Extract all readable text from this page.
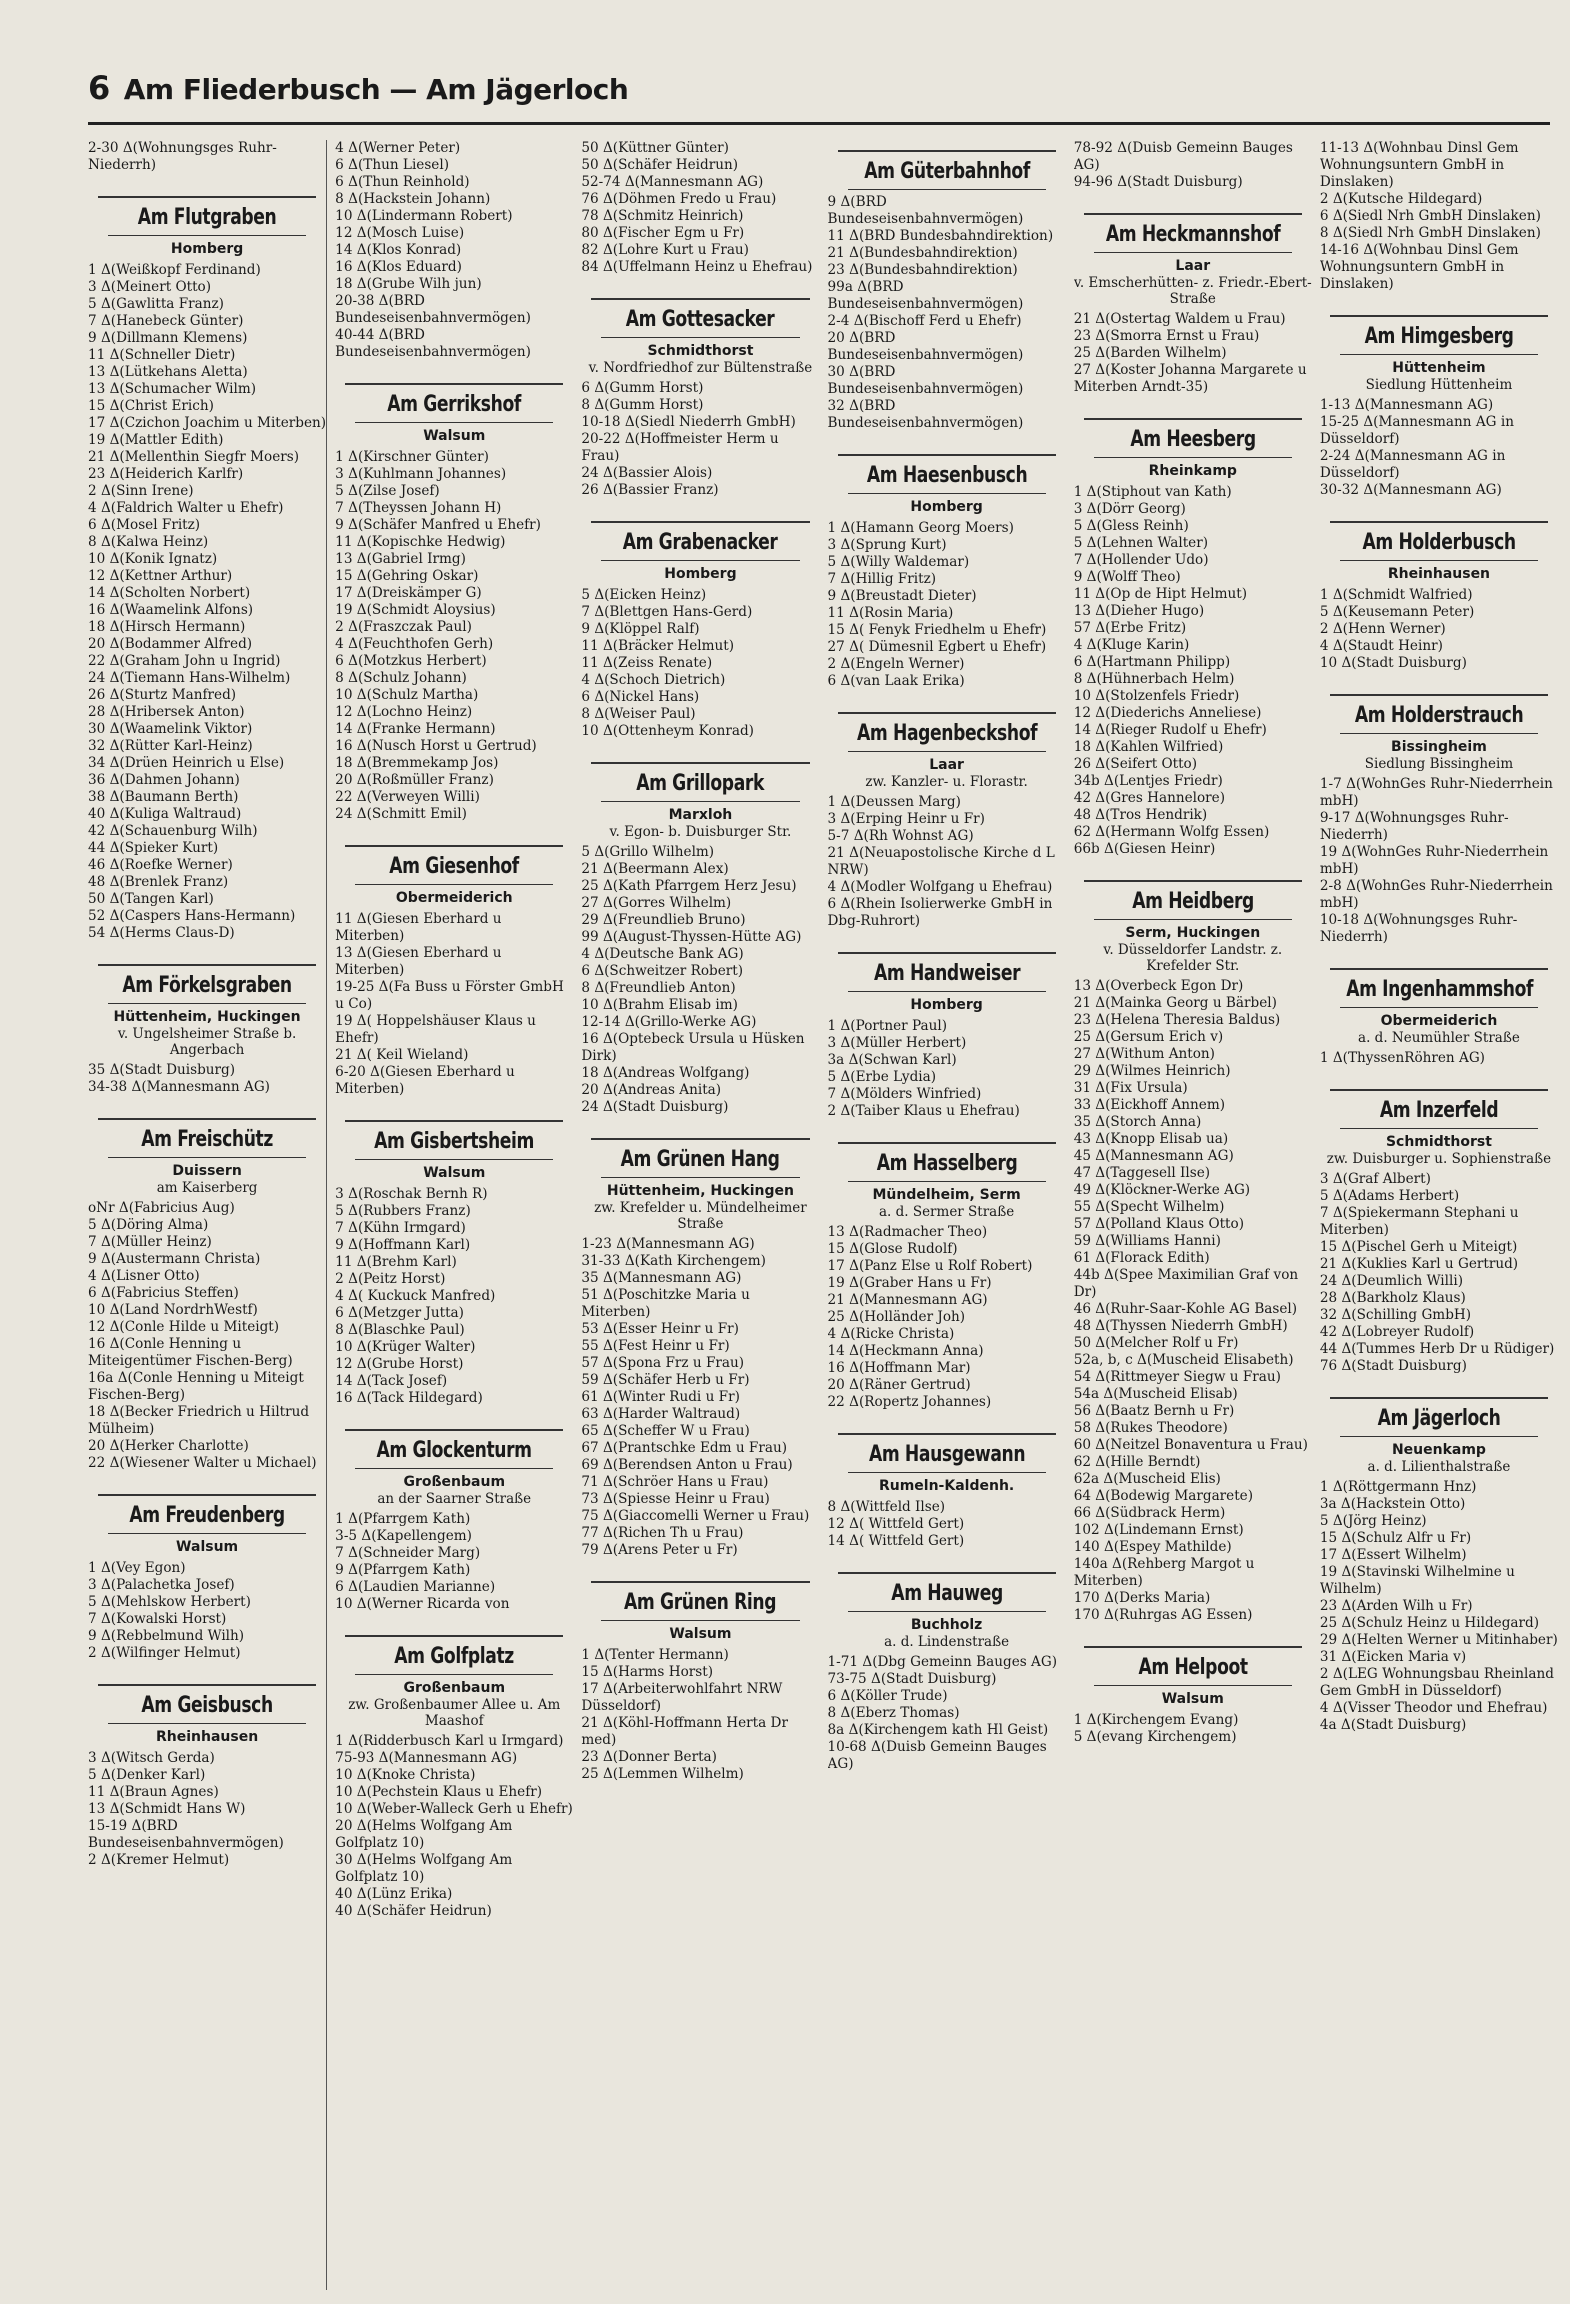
6 Am Fliederbusch — Am Jägerloch
2-30 Δ(Wohnungsges Ruhr-Niederrh)
Am Flutgraben
Homberg
1 Δ(Weißkopf Ferdinand)
3 Δ(Meinert Otto)
5 Δ(Gawlitta Franz)
7 Δ(Hanebeck Günter)
9 Δ(Dillmann Klemens)
11 Δ(Schneller Dietr)
13 Δ(Lütkehans Aletta)
13 Δ(Schumacher Wilm)
15 Δ(Christ Erich)
17 Δ(Czichon Joachim u Miterben)
19 Δ(Mattler Edith)
21 Δ(Mellenthin Siegfr Moers)
23 Δ(Heiderich Karlfr)
2 Δ(Sinn Irene)
4 Δ(Faldrich Walter u Ehefr)
6 Δ(Mosel Fritz)
8 Δ(Kalwa Heinz)
10 Δ(Konik Ignatz)
12 Δ(Kettner Arthur)
14 Δ(Scholten Norbert)
16 Δ(Waamelink Alfons)
18 Δ(Hirsch Hermann)
20 Δ(Bodammer Alfred)
22 Δ(Graham John u Ingrid)
24 Δ(Tiemann Hans-Wilhelm)
26 Δ(Sturtz Manfred)
28 Δ(Hribersek Anton)
30 Δ(Waamelink Viktor)
32 Δ(Rütter Karl-Heinz)
34 Δ(Drüen Heinrich u Else)
36 Δ(Dahmen Johann)
38 Δ(Baumann Berth)
40 Δ(Kuliga Waltraud)
42 Δ(Schauenburg Wilh)
44 Δ(Spieker Kurt)
46 Δ(Roefke Werner)
48 Δ(Brenlek Franz)
50 Δ(Tangen Karl)
52 Δ(Caspers Hans-Hermann)
54 Δ(Herms Claus-D)
Am Förkelsgraben
Hüttenheim, Huckingen
v. Ungelsheimer Straße b. Angerbach
35 Δ(Stadt Duisburg)
34-38 Δ(Mannesmann AG)
Am Freischütz
Duissern
am Kaiserberg
oNr Δ(Fabricius Aug)
5 Δ(Döring Alma)
7 Δ(Müller Heinz)
9 Δ(Austermann Christa)
4 Δ(Lisner Otto)
6 Δ(Fabricius Steffen)
10 Δ(Land NordrhWestf)
12 Δ(Conle Hilde u Miteigt)
16 Δ(Conle Henning u Miteigentümer Fischen-Berg)
16a Δ(Conle Henning u Miteigt Fischen-Berg)
18 Δ(Becker Friedrich u Hiltrud Mülheim)
20 Δ(Herker Charlotte)
22 Δ(Wiesener Walter u Michael)
Am Freudenberg
Walsum
1 Δ(Vey Egon)
3 Δ(Palachetka Josef)
5 Δ(Mehlskow Herbert)
7 Δ(Kowalski Horst)
9 Δ(Rebbelmund Wilh)
2 Δ(Wilfinger Helmut)
Am Geisbusch
Rheinhausen
3 Δ(Witsch Gerda)
5 Δ(Denker Karl)
11 Δ(Braun Agnes)
13 Δ(Schmidt Hans W)
15-19 Δ(BRD Bundeseisenbahnvermögen)
2 Δ(Kremer Helmut)
4 Δ(Werner Peter)
6 Δ(Thun Liesel)
6 Δ(Thun Reinhold)
8 Δ(Hackstein Johann)
10 Δ(Lindermann Robert)
12 Δ(Mosch Luise)
14 Δ(Klos Konrad)
16 Δ(Klos Eduard)
18 Δ(Grube Wilh jun)
20-38 Δ(BRD Bundeseisenbahnvermögen)
40-44 Δ(BRD Bundeseisenbahnvermögen)
Am Gerrikshof
Walsum
1 Δ(Kirschner Günter)
3 Δ(Kuhlmann Johannes)
5 Δ(Zilse Josef)
7 Δ(Theyssen Johann H)
9 Δ(Schäfer Manfred u Ehefr)
11 Δ(Kopischke Hedwig)
13 Δ(Gabriel Irmg)
15 Δ(Gehring Oskar)
17 Δ(Dreiskämper G)
19 Δ(Schmidt Aloysius)
2 Δ(Fraszczak Paul)
4 Δ(Feuchthofen Gerh)
6 Δ(Motzkus Herbert)
8 Δ(Schulz Johann)
10 Δ(Schulz Martha)
12 Δ(Lochno Heinz)
14 Δ(Franke Hermann)
16 Δ(Nusch Horst u Gertrud)
18 Δ(Bremmekamp Jos)
20 Δ(Roßmüller Franz)
22 Δ(Verweyen Willi)
24 Δ(Schmitt Emil)
Am Giesenhof
Obermeiderich
11 Δ(Giesen Eberhard u Miterben)
13 Δ(Giesen Eberhard u Miterben)
19-25 Δ(Fa Buss u Förster GmbH u Co)
19 Δ( Hoppelshäuser Klaus u Ehefr)
21 Δ( Keil Wieland)
6-20 Δ(Giesen Eberhard u Miterben)
Am Gisbertsheim
Walsum
3 Δ(Roschak Bernh R)
5 Δ(Rubbers Franz)
7 Δ(Kühn Irmgard)
9 Δ(Hoffmann Karl)
11 Δ(Brehm Karl)
2 Δ(Peitz Horst)
4 Δ( Kuckuck Manfred)
6 Δ(Metzger Jutta)
8 Δ(Blaschke Paul)
10 Δ(Krüger Walter)
12 Δ(Grube Horst)
14 Δ(Tack Josef)
16 Δ(Tack Hildegard)
Am Glockenturm
Großenbaum
an der Saarner Straße
1 Δ(Pfarrgem Kath)
3-5 Δ(Kapellengem)
7 Δ(Schneider Marg)
9 Δ(Pfarrgem Kath)
6 Δ(Laudien Marianne)
10 Δ(Werner Ricarda von
Am Golfplatz
Großenbaum
zw. Großenbaumer Allee u. Am Maashof
1 Δ(Ridderbusch Karl u Irmgard)
75-93 Δ(Mannesmann AG)
10 Δ(Knoke Christa)
10 Δ(Pechstein Klaus u Ehefr)
10 Δ(Weber-Walleck Gerh u Ehefr)
20 Δ(Helms Wolfgang Am Golfplatz 10)
30 Δ(Helms Wolfgang Am Golfplatz 10)
40 Δ(Lünz Erika)
40 Δ(Schäfer Heidrun)
50 Δ(Küttner Günter)
50 Δ(Schäfer Heidrun)
52-74 Δ(Mannesmann AG)
76 Δ(Döhmen Fredo u Frau)
78 Δ(Schmitz Heinrich)
80 Δ(Fischer Egm u Fr)
82 Δ(Lohre Kurt u Frau)
84 Δ(Uffelmann Heinz u Ehefrau)
Am Gottesacker
Schmidthorst
v. Nordfriedhof zur Bültenstraße
6 Δ(Gumm Horst)
8 Δ(Gumm Horst)
10-18 Δ(Siedl Niederrh GmbH)
20-22 Δ(Hoffmeister Herm u Frau)
24 Δ(Bassier Alois)
26 Δ(Bassier Franz)
Am Grabenacker
Homberg
5 Δ(Eicken Heinz)
7 Δ(Blettgen Hans-Gerd)
9 Δ(Klöppel Ralf)
11 Δ(Bräcker Helmut)
11 Δ(Zeiss Renate)
4 Δ(Schoch Dietrich)
6 Δ(Nickel Hans)
8 Δ(Weiser Paul)
10 Δ(Ottenheym Konrad)
Am Grillopark
Marxloh
v. Egon- b. Duisburger Str.
5 Δ(Grillo Wilhelm)
21 Δ(Beermann Alex)
25 Δ(Kath Pfarrgem Herz Jesu)
27 Δ(Gorres Wilhelm)
29 Δ(Freundlieb Bruno)
99 Δ(August-Thyssen-Hütte AG)
4 Δ(Deutsche Bank AG)
6 Δ(Schweitzer Robert)
8 Δ(Freundlieb Anton)
10 Δ(Brahm Elisab im)
12-14 Δ(Grillo-Werke AG)
16 Δ(Optebeck Ursula u Hüsken Dirk)
18 Δ(Andreas Wolfgang)
20 Δ(Andreas Anita)
24 Δ(Stadt Duisburg)
Am Grünen Hang
Hüttenheim, Huckingen
zw. Krefelder u. Mündelheimer Straße
1-23 Δ(Mannesmann AG)
31-33 Δ(Kath Kirchengem)
35 Δ(Mannesmann AG)
51 Δ(Poschitzke Maria u Miterben)
53 Δ(Esser Heinr u Fr)
55 Δ(Fest Heinr u Fr)
57 Δ(Spona Frz u Frau)
59 Δ(Schäfer Herb u Fr)
61 Δ(Winter Rudi u Fr)
63 Δ(Harder Waltraud)
65 Δ(Scheffer W u Frau)
67 Δ(Prantschke Edm u Frau)
69 Δ(Berendsen Anton u Frau)
71 Δ(Schröer Hans u Frau)
73 Δ(Spiesse Heinr u Frau)
75 Δ(Giaccomelli Werner u Frau)
77 Δ(Richen Th u Frau)
79 Δ(Arens Peter u Fr)
Am Grünen Ring
Walsum
1 Δ(Tenter Hermann)
15 Δ(Harms Horst)
17 Δ(Arbeiterwohlfahrt NRW Düsseldorf)
21 Δ(Köhl-Hoffmann Herta Dr med)
23 Δ(Donner Berta)
25 Δ(Lemmen Wilhelm)
Am Güterbahnhof
9 Δ(BRD Bundeseisenbahnvermögen)
11 Δ(BRD Bundesbahndirektion)
21 Δ(Bundesbahndirektion)
23 Δ(Bundesbahndirektion)
99a Δ(BRD Bundeseisenbahnvermögen)
2-4 Δ(Bischoff Ferd u Ehefr)
20 Δ(BRD Bundeseisenbahnvermögen)
30 Δ(BRD Bundeseisenbahnvermögen)
32 Δ(BRD Bundeseisenbahnvermögen)
Am Haesenbusch
Homberg
1 Δ(Hamann Georg Moers)
3 Δ(Sprung Kurt)
5 Δ(Willy Waldemar)
7 Δ(Hillig Fritz)
9 Δ(Breustadt Dieter)
11 Δ(Rosin Maria)
15 Δ( Fenyk Friedhelm u Ehefr)
27 Δ( Dümesnil Egbert u Ehefr)
2 Δ(Engeln Werner)
6 Δ(van Laak Erika)
Am Hagenbeckshof
Laar
zw. Kanzler- u. Florastr.
1 Δ(Deussen Marg)
3 Δ(Erping Heinr u Fr)
5-7 Δ(Rh Wohnst AG)
21 Δ(Neuapostolische Kirche d L NRW)
4 Δ(Modler Wolfgang u Ehefrau)
6 Δ(Rhein Isolierwerke GmbH in Dbg-Ruhrort)
Am Handweiser
Homberg
1 Δ(Portner Paul)
3 Δ(Müller Herbert)
3a Δ(Schwan Karl)
5 Δ(Erbe Lydia)
7 Δ(Mölders Winfried)
2 Δ(Taiber Klaus u Ehefrau)
Am Hasselberg
Mündelheim, Serm
a. d. Sermer Straße
13 Δ(Radmacher Theo)
15 Δ(Glose Rudolf)
17 Δ(Panz Else u Rolf Robert)
19 Δ(Graber Hans u Fr)
21 Δ(Mannesmann AG)
25 Δ(Holländer Joh)
4 Δ(Ricke Christa)
14 Δ(Heckmann Anna)
16 Δ(Hoffmann Mar)
20 Δ(Räner Gertrud)
22 Δ(Ropertz Johannes)
Am Hausgewann
Rumeln-Kaldenh.
8 Δ(Wittfeld Ilse)
12 Δ( Wittfeld Gert)
14 Δ( Wittfeld Gert)
Am Hauweg
Buchholz
a. d. Lindenstraße
1-71 Δ(Dbg Gemeinn Bauges AG)
73-75 Δ(Stadt Duisburg)
6 Δ(Köller Trude)
8 Δ(Eberz Thomas)
8a Δ(Kirchengem kath Hl Geist)
10-68 Δ(Duisb Gemeinn Bauges AG)
78-92 Δ(Duisb Gemeinn Bauges AG)
94-96 Δ(Stadt Duisburg)
Am Heckmannshof
Laar
v. Emscherhütten- z. Friedr.-Ebert-Straße
21 Δ(Ostertag Waldem u Frau)
23 Δ(Smorra Ernst u Frau)
25 Δ(Barden Wilhelm)
27 Δ(Koster Johanna Margarete u Miterben Arndt-35)
Am Heesberg
Rheinkamp
1 Δ(Stiphout van Kath)
3 Δ(Dörr Georg)
5 Δ(Gless Reinh)
5 Δ(Lehnen Walter)
7 Δ(Hollender Udo)
9 Δ(Wolff Theo)
11 Δ(Op de Hipt Helmut)
13 Δ(Dieher Hugo)
57 Δ(Erbe Fritz)
4 Δ(Kluge Karin)
6 Δ(Hartmann Philipp)
8 Δ(Hühnerbach Helm)
10 Δ(Stolzenfels Friedr)
12 Δ(Diederichs Anneliese)
14 Δ(Rieger Rudolf u Ehefr)
18 Δ(Kahlen Wilfried)
26 Δ(Seifert Otto)
34b Δ(Lentjes Friedr)
42 Δ(Gres Hannelore)
48 Δ(Tros Hendrik)
62 Δ(Hermann Wolfg Essen)
66b Δ(Giesen Heinr)
Am Heidberg
Serm, Huckingen
v. Düsseldorfer Landstr. z. Krefelder Str.
13 Δ(Overbeck Egon Dr)
21 Δ(Mainka Georg u Bärbel)
23 Δ(Helena Theresia Baldus)
25 Δ(Gersum Erich v)
27 Δ(Withum Anton)
29 Δ(Wilmes Heinrich)
31 Δ(Fix Ursula)
33 Δ(Eickhoff Annem)
35 Δ(Storch Anna)
43 Δ(Knopp Elisab ua)
45 Δ(Mannesmann AG)
47 Δ(Taggesell Ilse)
49 Δ(Klöckner-Werke AG)
55 Δ(Specht Wilhelm)
57 Δ(Polland Klaus Otto)
59 Δ(Williams Hanni)
61 Δ(Florack Edith)
44b Δ(Spee Maximilian Graf von Dr)
46 Δ(Ruhr-Saar-Kohle AG Basel)
48 Δ(Thyssen Niederrh GmbH)
50 Δ(Melcher Rolf u Fr)
52a, b, c Δ(Muscheid Elisabeth)
54 Δ(Rittmeyer Siegw u Frau)
54a Δ(Muscheid Elisab)
56 Δ(Baatz Bernh u Fr)
58 Δ(Rukes Theodore)
60 Δ(Neitzel Bonaventura u Frau)
62 Δ(Hille Berndt)
62a Δ(Muscheid Elis)
64 Δ(Bodewig Margarete)
66 Δ(Südbrack Herm)
102 Δ(Lindemann Ernst)
140 Δ(Espey Mathilde)
140a Δ(Rehberg Margot u Miterben)
170 Δ(Derks Maria)
170 Δ(Ruhrgas AG Essen)
Am Helpoot
Walsum
1 Δ(Kirchengem Evang)
5 Δ(evang Kirchengem)
11-13 Δ(Wohnbau Dinsl Gem Wohnungsuntern GmbH in Dinslaken)
2 Δ(Kutsche Hildegard)
6 Δ(Siedl Nrh GmbH Dinslaken)
8 Δ(Siedl Nrh GmbH Dinslaken)
14-16 Δ(Wohnbau Dinsl Gem Wohnungsuntern GmbH in Dinslaken)
Am Himgesberg
Hüttenheim
Siedlung Hüttenheim
1-13 Δ(Mannesmann AG)
15-25 Δ(Mannesmann AG in Düsseldorf)
2-24 Δ(Mannesmann AG in Düsseldorf)
30-32 Δ(Mannesmann AG)
Am Holderbusch
Rheinhausen
1 Δ(Schmidt Walfried)
5 Δ(Keusemann Peter)
2 Δ(Henn Werner)
4 Δ(Staudt Heinr)
10 Δ(Stadt Duisburg)
Am Holderstrauch
Bissingheim
Siedlung Bissingheim
1-7 Δ(WohnGes Ruhr-Niederrhein mbH)
9-17 Δ(Wohnungsges Ruhr-Niederrh)
19 Δ(WohnGes Ruhr-Niederrhein mbH)
2-8 Δ(WohnGes Ruhr-Niederrhein mbH)
10-18 Δ(Wohnungsges Ruhr-Niederrh)
Am Ingenhammshof
Obermeiderich
a. d. Neumühler Straße
1 Δ(ThyssenRöhren AG)
Am Inzerfeld
Schmidthorst
zw. Duisburger u. Sophienstraße
3 Δ(Graf Albert)
5 Δ(Adams Herbert)
7 Δ(Spiekermann Stephani u Miterben)
15 Δ(Pischel Gerh u Miteigt)
21 Δ(Kuklies Karl u Gertrud)
24 Δ(Deumlich Willi)
28 Δ(Barkholz Klaus)
32 Δ(Schilling GmbH)
42 Δ(Lobreyer Rudolf)
44 Δ(Tummes Herb Dr u Rüdiger)
76 Δ(Stadt Duisburg)
Am Jägerloch
Neuenkamp
a. d. Lilienthalstraße
1 Δ(Röttgermann Hnz)
3a Δ(Hackstein Otto)
5 Δ(Jörg Heinz)
15 Δ(Schulz Alfr u Fr)
17 Δ(Essert Wilhelm)
19 Δ(Stavinski Wilhelmine u Wilhelm)
23 Δ(Arden Wilh u Fr)
25 Δ(Schulz Heinz u Hildegard)
29 Δ(Helten Werner u Mitinhaber)
31 Δ(Eicken Maria v)
2 Δ(LEG Wohnungsbau Rheinland Gem GmbH in Düsseldorf)
4 Δ(Visser Theodor und Ehefrau)
4a Δ(Stadt Duisburg)
